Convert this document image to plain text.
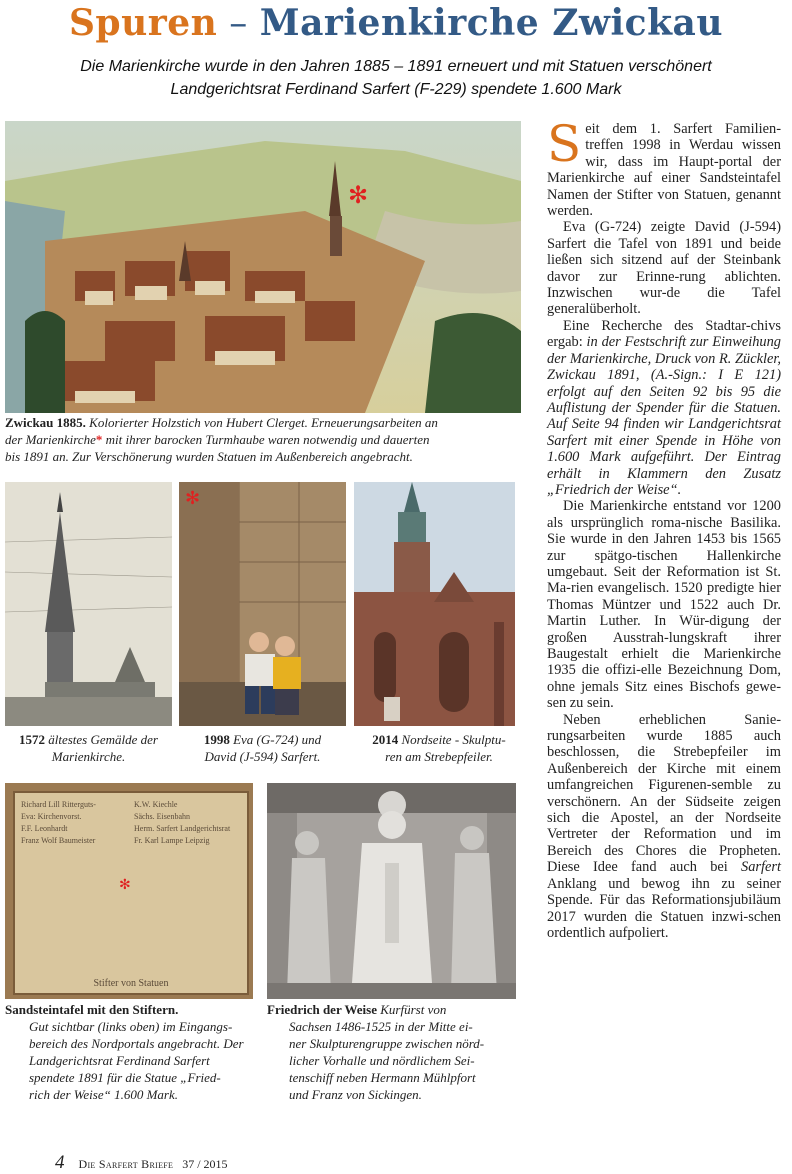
Spuren – Marienkirche Zwickau
Die Marienkirche wurde in den Jahren 1885 – 1891 erneuert und mit Statuen verschönert
Landgerichtsrat Ferdinand Sarfert (F-229) spendete 1.600 Mark
✻
Zwickau 1885. Kolorierter Holzstich von Hubert Clerget. Erneuerungsarbeiten an
der Marienkirche* mit ihrer barocken Turmhaube waren notwendig und dauerten
bis 1891 an. Zur Verschönerung wurden Statuen im Außenbereich angebracht.
1572 ältestes Gemälde der
Marienkirche.
✻
1998 Eva (G-724) und
David (J-594) Sarfert.
2014 Nordseite - Skulptu-
ren am Strebepfeiler.
Richard Lill Ritterguts-
Eva: Kirchenvorst.
F.F. Leonhardt
Franz Wolf Baumeister
K.W. Kiechle
Sächs. Eisenbahn
Herm. Sarfert Landgerichtsrat
Fr. Karl Lampe Leipzig
Stifter von Statuen
✻
Sandsteintafel mit den Stiftern.
Gut sichtbar (links oben) im Eingangs-
bereich des Nordportals angebracht. Der
Landgerichtsrat Ferdinand Sarfert
spendete 1891 für die Statue „Fried-
rich der Weise“ 1.600 Mark.
Friedrich der Weise Kurfürst von
Sachsen 1486-1525 in der Mitte ei-
ner Skulpturengruppe zwischen nörd-
licher Vorhalle und nördlichem Sei-
tenschiff neben Hermann Mühlpfort
und Franz von Sickingen.

Seit dem 1. Sarfert Familien-treffen 1998 in Werdau wissen wir, dass im Haupt-portal der Marienkirche auf einer Sandsteintafel Namen der Stifter von Statuen, genannt werden.

Eva (G-724) zeigte David (J-594) Sarfert die Tafel von 1891 und beide ließen sich sitzend auf der Steinbank davor zur Erinne-rung ablichten. Inzwischen wur-de die Tafel generalüberholt.

Eine Recherche des Stadtar-chivs ergab: in der Festschrift zur Einweihung der Marienkirche, Druck von R. Zückler, Zwickau 1891, (A.-Sign.: I E 121) erfolgt auf den Seiten 92 bis 95 die Auflistung der Spender für die Statuen. Auf Seite 94 finden wir Landgerichtsrat Sarfert mit einer Spende in Höhe von 1.600 Mark aufgeführt. Der Eintrag erhält in Klammern den Zusatz „Friedrich der Weise“.

Die Marienkirche entstand vor 1200 als ursprünglich roma-nische Basilika. Sie wurde in den Jahren 1453 bis 1565 zur spätgo-tischen Hallenkirche umgebaut. Seit der Reformation ist St. Ma-rien evangelisch. 1520 predigte hier Thomas Müntzer und 1522 auch Dr. Martin Luther. In Wür-digung der großen Ausstrah-lungskraft ihrer Baugestalt erhielt die Marienkirche 1935 die offizi-elle Bezeichnung Dom, ohne jemals Sitz eines Bischofs gewe-sen zu sein.

Neben erheblichen Sanie-rungsarbeiten wurde 1885 auch beschlossen, die Strebepfeiler im Außenbereich der Kirche mit einem umfangreichen Figurenen-semble zu verschönern. An der Südseite zeigen sich die Apostel, an der Nordseite Vertreter der Reformation und im Bereich des Chores die Propheten. Diese Idee fand auch bei Sarfert Anklang und bewog ihn zu seiner Spende. Für das Reformationsjubiläum 2017 wurden die Statuen inzwi-schen ordentlich aufpoliert.

4 Die Sarfert Briefe 37 / 2015
